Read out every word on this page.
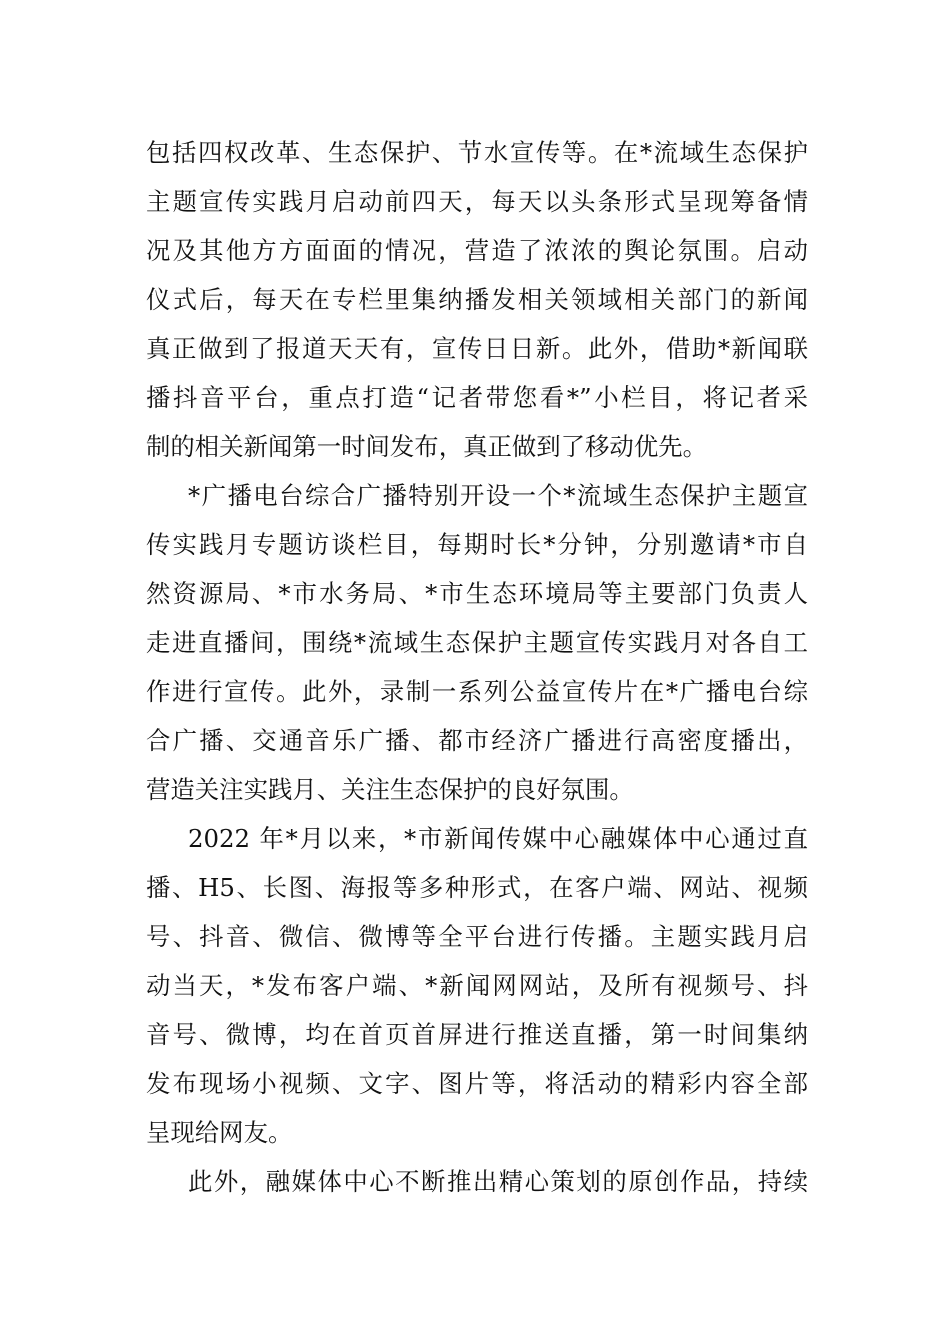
包括四权改革、生态保护、节水宣传等。在*流域生态保护
主题宣传实践月启动前四天，每天以头条形式呈现筹备情
况及其他方方面面的情况，营造了浓浓的舆论氛围。启动
仪式后，每天在专栏里集纳播发相关领域相关部门的新闻
真正做到了报道天天有，宣传日日新。此外，借助*新闻联
播抖音平台，重点打造“记者带您看*”小栏目，将记者采
制的相关新闻第一时间发布，真正做到了移动优先。
*广播电台综合广播特别开设一个*流域生态保护主题宣
传实践月专题访谈栏目，每期时长*分钟，分别邀请*市自
然资源局、*市水务局、*市生态环境局等主要部门负责人
走进直播间，围绕*流域生态保护主题宣传实践月对各自工
作进行宣传。此外，录制一系列公益宣传片在*广播电台综
合广播、交通音乐广播、都市经济广播进行高密度播出，
营造关注实践月、关注生态保护的良好氛围。
2022 年*月以来，*市新闻传媒中心融媒体中心通过直
播、H5、长图、海报等多种形式，在客户端、网站、视频
号、抖音、微信、微博等全平台进行传播。主题实践月启
动当天，*发布客户端、*新闻网网站，及所有视频号、抖
音号、微博，均在首页首屏进行推送直播，第一时间集纳
发布现场小视频、文字、图片等，将活动的精彩内容全部
呈现给网友。
此外，融媒体中心不断推出精心策划的原创作品，持续
